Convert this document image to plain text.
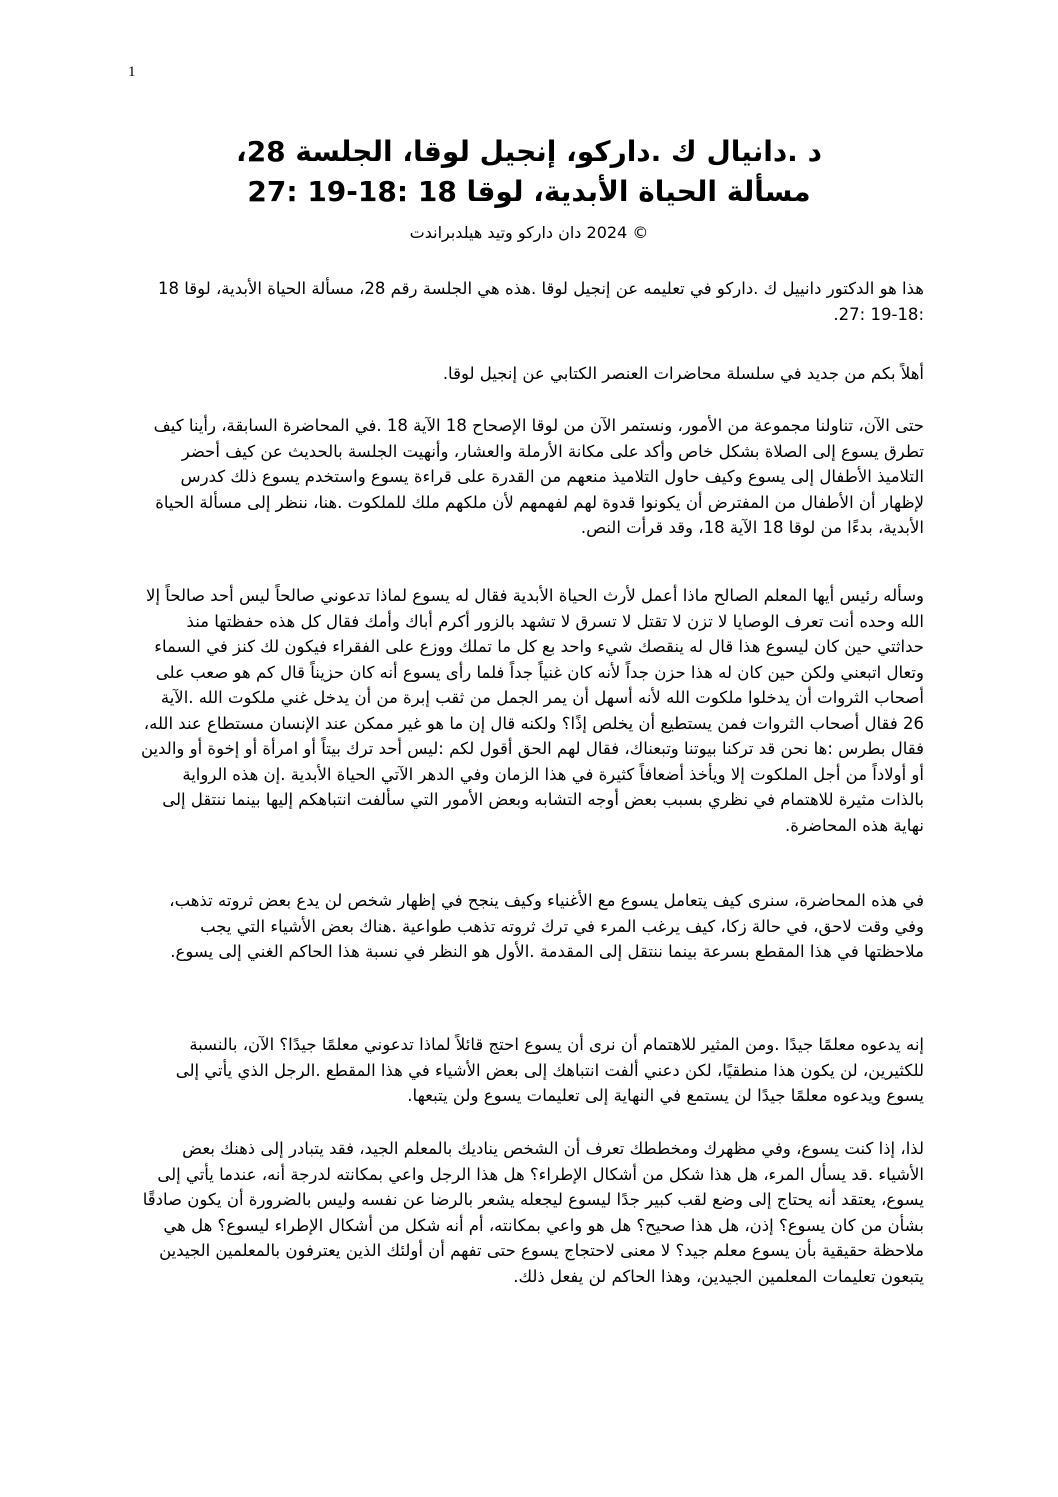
1
د .دانيال ك .داركو، إنجيل لوقا، الجلسة 28،
مسألة الحياة الأبدية، لوقا 18 :18-19 :27
© 2024 دان داركو وتيد هيلدبراندت

هذا هو الدكتور دانييل ك .داركو في تعليمه عن إنجيل لوقا .هذه هي الجلسة رقم 28، مسألة الحياة الأبدية، لوقا 18 :18-19 :27.

أهلاً بكم من جديد في سلسلة محاضرات العنصر الكتابي عن إنجيل لوقا.

حتى الآن، تناولنا مجموعة من الأمور، ونستمر الآن من لوقا الإصحاح 18 الآية 18 .في المحاضرة السابقة، رأينا كيف تطرق يسوع إلى الصلاة بشكل خاص وأكد على مكانة الأرملة والعشار، وأنهيت الجلسة بالحديث عن كيف أحضر التلاميذ الأطفال إلى يسوع وكيف حاول التلاميذ منعهم من القدرة على قراءة يسوع واستخدم يسوع ذلك كدرس لإظهار أن الأطفال من المفترض أن يكونوا قدوة لهم لفهمهم لأن ملكهم ملك للملكوت .هنا، ننظر إلى مسألة الحياة الأبدية، بدءًا من لوقا 18 الآية 18، وقد قرأت النص.

وسأله رئيس أيها المعلم الصالح ماذا أعمل لأرث الحياة الأبدية فقال له يسوع لماذا تدعوني صالحاً ليس أحد صالحاً إلا الله وحده أنت تعرف الوصايا لا تزن لا تقتل لا تسرق لا تشهد بالزور أكرم أباك وأمك فقال كل هذه حفظتها منذ حداثتي حين كان ليسوع هذا قال له ينقصك شيء واحد بع كل ما تملك ووزع على الفقراء فيكون لك كنز في السماء وتعال اتبعني ولكن حين كان له هذا حزن جداً لأنه كان غنياً جداً فلما رأى يسوع أنه كان حزيناً قال كم هو صعب على أصحاب الثروات أن يدخلوا ملكوت الله لأنه أسهل أن يمر الجمل من ثقب إبرة من أن يدخل غني ملكوت الله .الآية 26 فقال أصحاب الثروات فمن يستطيع أن يخلص إذًا؟ ولكنه قال إن ما هو غير ممكن عند الإنسان مستطاع عند الله، فقال بطرس :ها نحن قد تركنا بيوتنا وتبعناك، فقال لهم الحق أقول لكم :ليس أحد ترك بيتاً أو امرأة أو إخوة أو والدين أو أولاداً من أجل الملكوت إلا ويأخذ أضعافاً كثيرة في هذا الزمان وفي الدهر الآتي الحياة الأبدية .إن هذه الرواية بالذات مثيرة للاهتمام في نظري بسبب بعض أوجه التشابه وبعض الأمور التي سألفت انتباهكم إليها بينما ننتقل إلى نهاية هذه المحاضرة.

في هذه المحاضرة، سنرى كيف يتعامل يسوع مع الأغنياء وكيف ينجح في إظهار شخص لن يدع بعض ثروته تذهب، وفي وقت لاحق، في حالة زكا، كيف يرغب المرء في ترك ثروته تذهب طواعية .هناك بعض الأشياء التي يجب ملاحظتها في هذا المقطع بسرعة بينما ننتقل إلى المقدمة .الأول هو النظر في نسبة هذا الحاكم الغني إلى يسوع.

إنه يدعوه معلمًا جيدًا .ومن المثير للاهتمام أن نرى أن يسوع احتج قائلاً لماذا تدعوني معلمًا جيدًا؟ الآن، بالنسبة للكثيرين، لن يكون هذا منطقيًا، لكن دعني ألفت انتباهك إلى بعض الأشياء في هذا المقطع .الرجل الذي يأتي إلى يسوع ويدعوه معلمًا جيدًا لن يستمع في النهاية إلى تعليمات يسوع ولن يتبعها.

لذا، إذا كنت يسوع، وفي مظهرك ومخططك تعرف أن الشخص يناديك بالمعلم الجيد، فقد يتبادر إلى ذهنك بعض الأشياء .قد يسأل المرء، هل هذا شكل من أشكال الإطراء؟ هل هذا الرجل واعي بمكانته لدرجة أنه، عندما يأتي إلى يسوع، يعتقد أنه يحتاج إلى وضع لقب كبير جدًا ليسوع ليجعله يشعر بالرضا عن نفسه وليس بالضرورة أن يكون صادقًا بشأن من كان يسوع؟ إذن، هل هذا صحيح؟ هل هو واعي بمكانته، أم أنه شكل من أشكال الإطراء ليسوع؟ هل هي ملاحظة حقيقية بأن يسوع معلم جيد؟ لا معنى لاحتجاج يسوع حتى تفهم أن أولئك الذين يعترفون بالمعلمين الجيدين يتبعون تعليمات المعلمين الجيدين، وهذا الحاكم لن يفعل ذلك.
